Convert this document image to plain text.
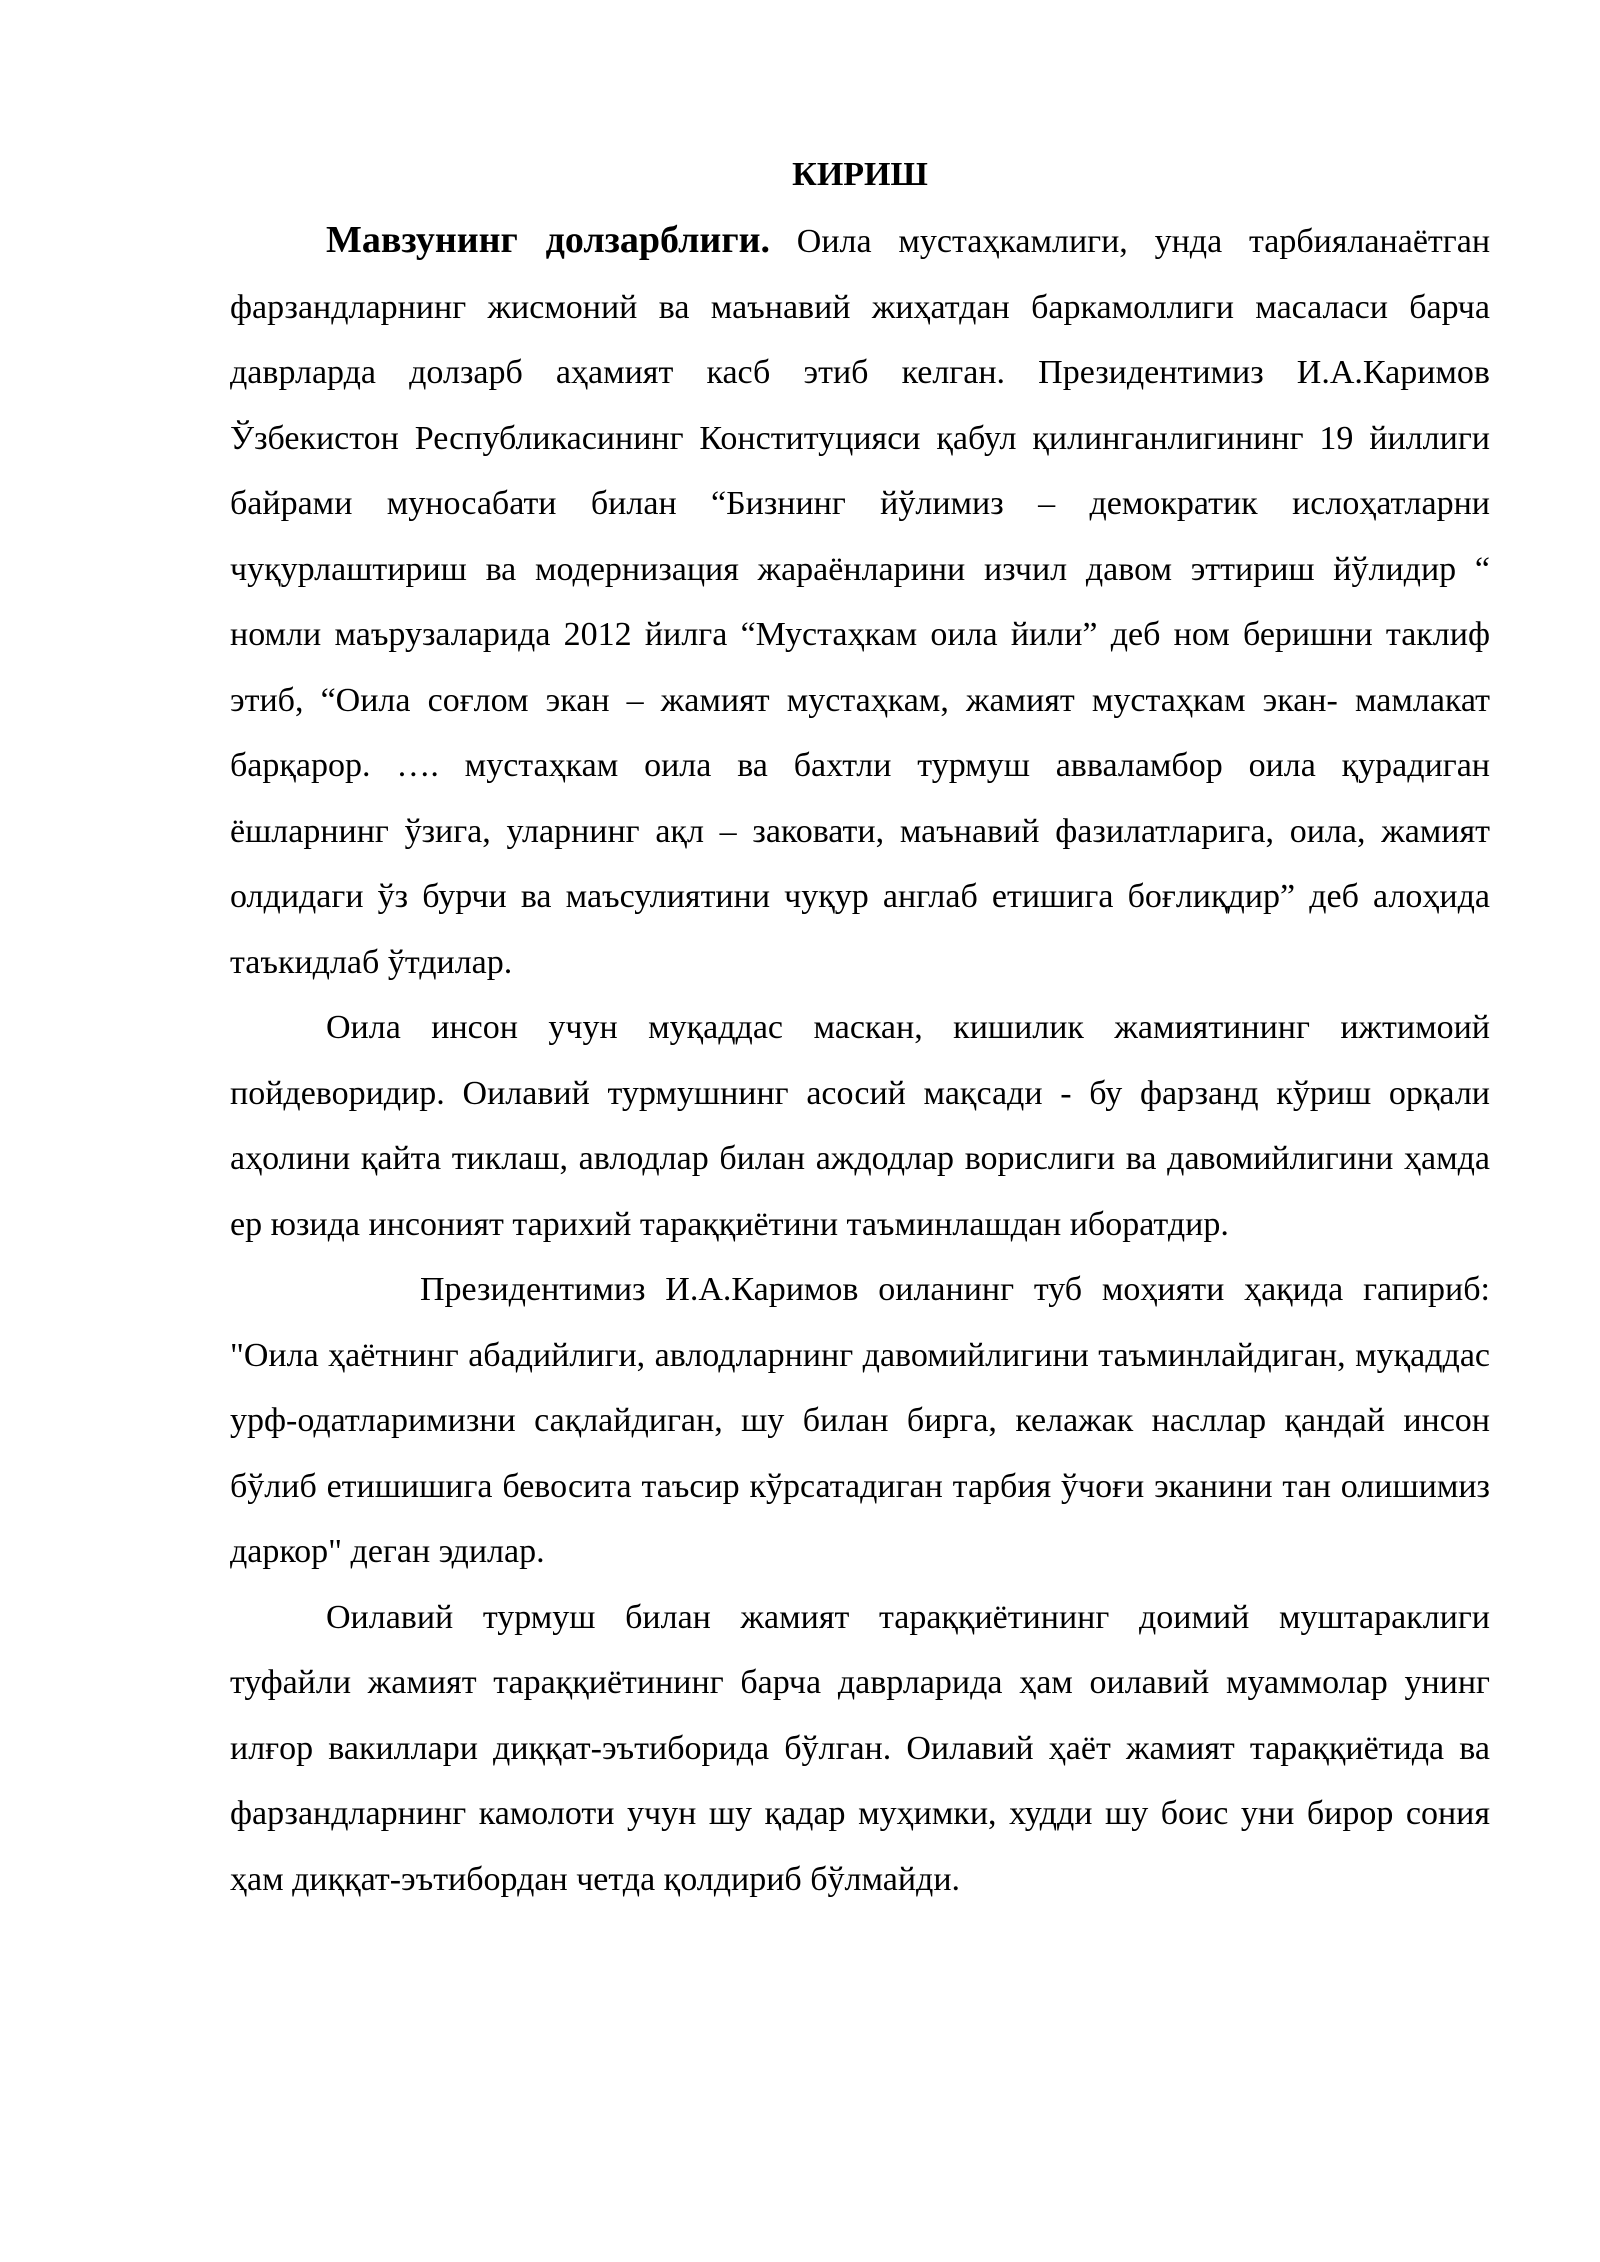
КИРИШ

Мавзунинг долзарблиги. Оила мустаҳкамлиги, унда тарбияланаётган фарзандларнинг жисмоний ва маънавий жиҳатдан баркамоллиги масаласи барча даврларда долзарб аҳамият касб этиб келган. Президентимиз И.А.Каримов Ўзбекистон Республикасининг Конституцияси қабул қилинганлигининг 19 йиллиги байрами муносабати билан “Бизнинг йўлимиз – демократик ислоҳатларни чуқурлаштириш ва модернизация жараёнларини изчил давом эттириш йўлидир “ номли маърузаларида 2012 йилга “Мустаҳкам оила йили” деб ном беришни таклиф этиб, “Оила соғлом экан – жамият мустаҳкам, жамият мустаҳкам экан- мамлакат барқарор. …. мустаҳкам оила ва бахтли турмуш авваламбор оила қурадиган ёшларнинг ўзига, уларнинг ақл – заковати, маънавий фазилатларига, оила, жамият олдидаги ўз бурчи ва маъсулиятини чуқур англаб етишига боғлиқдир” деб алоҳида таъкидлаб ўтдилар.

Оила инсон учун муқаддас маскан, кишилик жамиятининг ижтимоий пойдеворидир. Оилавий турмушнинг асосий мақсади - бу фарзанд кўриш орқали аҳолини қайта тиклаш, авлодлар билан аждодлар ворислиги ва давомийлигини ҳамда ер юзида инсоният тарихий тараққиётини таъминлашдан иборатдир.

Президентимиз И.А.Каримов оиланинг туб моҳияти ҳақида гапириб: "Оила ҳаётнинг абадийлиги, авлодларнинг давомийлигини таъминлайдиган, муқаддас урф-одатларимизни сақлайдиган, шу билан бирга, келажак насллар қандай инсон бўлиб етишишига бевосита таъсир кўрсатадиган тарбия ўчоғи эканини тан олишимиз даркор" деган эдилар.

Оилавий турмуш билан жамият тараққиётининг доимий муштараклиги туфайли жамият тараққиётининг барча даврларида ҳам оилавий муаммолар унинг илғор вакиллари диққат-эътиборида бўлган. Оилавий ҳаёт жамият тараққиётида ва фарзандларнинг камолоти учун шу қадар муҳимки, худди шу боис уни бирор сония ҳам диққат-эътибордан четда қолдириб бўлмайди.
